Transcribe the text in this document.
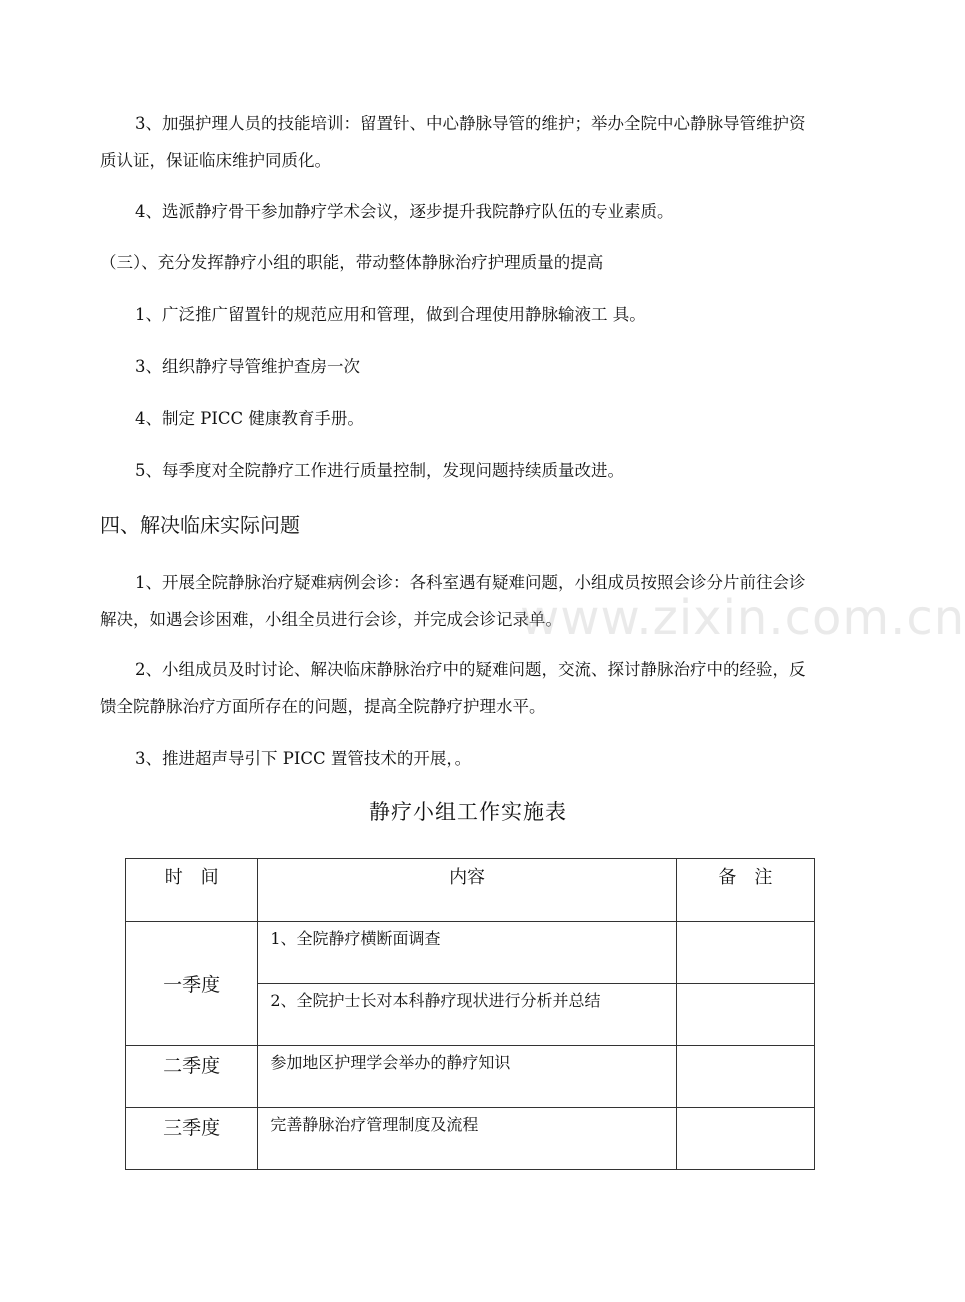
3、加强护理人员的技能培训：留置针、中心静脉导管的维护；举办全院中心静脉导管维护资质认证，保证临床维护同质化。
4、选派静疗骨干参加静疗学术会议，逐步提升我院静疗队伍的专业素质。
（三）、充分发挥静疗小组的职能，带动整体静脉治疗护理质量的提高
1、广泛推广留置针的规范应用和管理，做到合理使用静脉输液工 具。
3、组织静疗导管维护查房一次
4、制定 PICC 健康教育手册。
5、每季度对全院静疗工作进行质量控制，发现问题持续质量改进。
四、解决临床实际问题
1、开展全院静脉治疗疑难病例会诊：各科室遇有疑难问题，小组成员按照会诊分片前往会诊解决，如遇会诊困难，小组全员进行会诊，并完成会诊记录单。
2、小组成员及时讨论、解决临床静脉治疗中的疑难问题，交流、探讨静脉治疗中的经验，反馈全院静脉治疗方面所存在的问题，提高全院静疗护理水平。
3、推进超声导引下 PICC 置管技术的开展，。
www.zixin.com.cn
静疗小组工作实施表
时　间	内容	备　注
一季度	1、全院静疗横断面调查	
	2、全院护士长对本科静疗现状进行分析并总结	

二季度	参加地区护理学会举办的静疗知识	

三季度	完善静脉治疗管理制度及流程	
